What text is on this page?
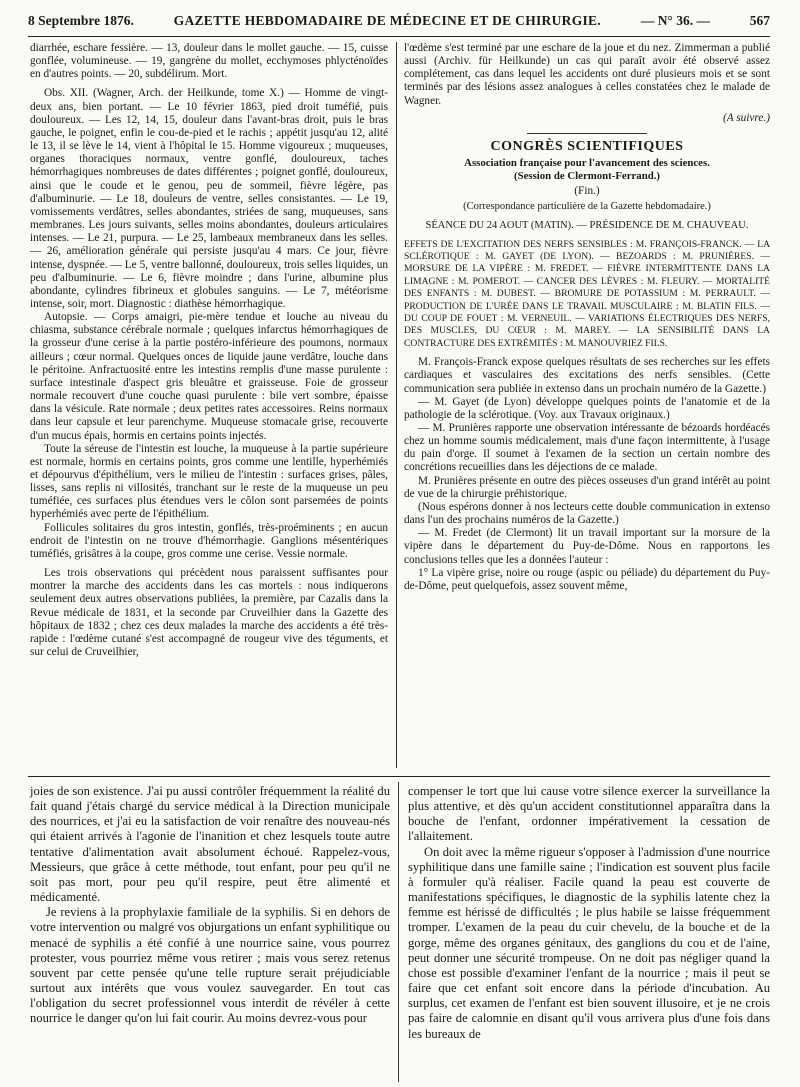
8 Septembre 1876.	GAZETTE HEBDOMADAIRE DE MÉDECINE ET DE CHIRURGIE.	— N° 36. —	567

diarrhée, eschare fessière. — 13, douleur dans le mollet gauche. — 15, cuisse gonflée, volumineuse. — 19, gangrène du mollet, ecchymoses phlycténoïdes en d'autres points. — 20, subdélirum. Mort.

Obs. XII. (Wagner, Arch. der Heilkunde, tome X.) — Homme de vingt-deux ans, bien portant. — Le 10 février 1863, pied droit tuméfié, puis douloureux. — Les 12, 14, 15, douleur dans l'avant-bras droit, puis le bras gauche, le poignet, enfin le cou-de-pied et le rachis ; appétit jusqu'au 12, alité le 13, il se lève le 14, vient à l'hôpital le 15. Homme vigoureux ; muqueuses, organes thoraciques normaux, ventre gonflé, douloureux, taches hémorrhagiques nombreuses de dates différentes ; poignet gonflé, douloureux, ainsi que le coude et le genou, peu de sommeil, fièvre légère, pas d'albuminurie. — Le 18, douleurs de ventre, selles consistantes. — Le 19, vomissements verdâtres, selles abondantes, striées de sang, muqueuses, sans membranes. Les jours suivants, selles moins abondantes, douleurs articulaires intenses. — Le 21, purpura. — Le 25, lambeaux membraneux dans les selles. — 26, amélioration générale qui persiste jusqu'au 4 mars. Ce jour, fièvre intense, dyspnée. — Le 5, ventre ballonné, douloureux, trois selles liquides, un peu d'albuminurie. — Le 6, fièvre moindre ; dans l'urine, albumine plus abondante, cylindres fibrineux et globules sanguins. — Le 7, météorisme intense, soir, mort. Diagnostic : diathèse hémorrhagique.

Autopsie. — Corps amaigri, pie-mère tendue et louche au niveau du chiasma, substance cérébrale normale ; quelques infarctus hémorrhagiques de la grosseur d'une cerise à la partie postéro-inférieure des poumons, normaux ailleurs ; cœur normal. Quelques onces de liquide jaune verdâtre, louche dans le péritoine. Anfractuosité entre les intestins remplis d'une masse purulente : surface intestinale d'aspect gris bleuâtre et graisseuse. Foie de grosseur normale recouvert d'une couche quasi purulente : bile vert sombre, épaisse dans la vésicule. Rate normale ; deux petites rates accessoires. Reins normaux dans leur capsule et leur parenchyme. Muqueuse stomacale grise, recouverte d'un mucus épais, hormis en certains points injectés.

Toute la séreuse de l'intestin est louche, la muqueuse à la partie supérieure est normale, hormis en certains points, gros comme une lentille, hyperhémiés et dépourvus d'épithélium, vers le milieu de l'intestin : surfaces grises, pâles, lisses, sans replis ni villosités, tranchant sur le reste de la muqueuse un peu tuméfiée, ces surfaces plus étendues vers le côlon sont parsemées de points hyperhémiés avec perte de l'épithélium.

Follicules solitaires du gros intestin, gonflés, très-proéminents ; en aucun endroit de l'intestin on ne trouve d'hémorrhagie. Ganglions mésentériques tuméfiés, grisâtres à la coupe, gros comme une cerise. Vessie normale.

Les trois observations qui précèdent nous paraissent suffisantes pour montrer la marche des accidents dans les cas mortels : nous indiquerons seulement deux autres observations publiées, la première, par Cazalis dans la Revue médicale de 1831, et la seconde par Cruveilhier dans la Gazette des hôpitaux de 1832 ; chez ces deux malades la marche des accidents a été très-rapide : l'œdème cutané s'est accompagné de rougeur vive des téguments, et sur celui de Cruveilhier,

l'œdème s'est terminé par une eschare de la joue et du nez. Zimmerman a publié aussi (Archiv. für Heilkunde) un cas qui paraît avoir été observé assez complétement, cas dans lequel les accidents ont duré plusieurs mois et se sont terminés par des lésions assez analogues à celles constatées chez le malade de Wagner.

(A suivre.)

CONGRÈS SCIENTIFIQUES
Association française pour l'avancement des sciences.
(Session de Clermont-Ferrand.)

(Fin.)

(Correspondance particulière de la Gazette hebdomadaire.)

SÉANCE DU 24 AOUT (MATIN). — PRÉSIDENCE DE M. CHAUVEAU.

EFFETS DE L'EXCITATION DES NERFS SENSIBLES : M. FRANÇOIS-FRANCK. — LA SCLÉROTIQUE : M. GAYET (DE LYON). — BEZOARDS : M. PRUNIÈRES. — MORSURE DE LA VIPÈRE : M. FREDET. — FIÈVRE INTERMITTENTE DANS LA LIMAGNE : M. POMEROT. — CANCER DES LÈVRES : M. FLEURY. — MORTALITÉ DES ENFANTS : M. DUBEST. — BROMURE DE POTASSIUM : M. PERRAULT. — PRODUCTION DE L'URÉE DANS LE TRAVAIL MUSCULAIRE : M. BLATIN FILS. — DU COUP DE FOUET : M. VERNEUIL. — VARIATIONS ÉLECTRIQUES DES NERFS, DES MUSCLES, DU CŒUR : M. MAREY. — LA SENSIBILITÉ DANS LA CONTRACTURE DES EXTRÉMITÉS : M. MANOUVRIEZ FILS.

M. François-Franck expose quelques résultats de ses recherches sur les effets cardiaques et vasculaires des excitations des nerfs sensibles. (Cette communication sera publiée in extenso dans un prochain numéro de la Gazette.)

— M. Gayet (de Lyon) développe quelques points de l'anatomie et de la pathologie de la sclérotique. (Voy. aux Travaux originaux.)

— M. Prunières rapporte une observation intéressante de bézoards hordéacés chez un homme soumis médicalement, mais d'une façon intermittente, à l'usage du pain d'orge. Il soumet à l'examen de la section un certain nombre des concrétions recueillies dans les déjections de ce malade.

M. Prunières présente en outre des pièces osseuses d'un grand intérêt au point de vue de la chirurgie préhistorique.

(Nous espérons donner à nos lecteurs cette double communication in extenso dans l'un des prochains numéros de la Gazette.)

— M. Fredet (de Clermont) lit un travail important sur la morsure de la vipère dans le département du Puy-de-Dôme. Nous en rapportons les conclusions telles que les a données l'auteur :

1° La vipère grise, noire ou rouge (aspic ou péliade) du département du Puy-de-Dôme, peut quelquefois, assez souvent même,

joies de son existence. J'ai pu aussi contrôler fréquemment la réalité du fait quand j'étais chargé du service médical à la Direction municipale des nourrices, et j'ai eu la satisfaction de voir renaître des nouveau-nés qui étaient arrivés à l'agonie de l'inanition et chez lesquels toute autre tentative d'alimentation avait absolument échoué. Rappelez-vous, Messieurs, que grâce à cette méthode, tout enfant, pour peu qu'il ne soit pas mort, pour peu qu'il respire, peut être alimenté et médicamenté.

Je reviens à la prophylaxie familiale de la syphilis. Si en dehors de votre intervention ou malgré vos objurgations un enfant syphilitique ou menacé de syphilis a été confié à une nourrice saine, vous pourrez protester, vous pourriez même vous retirer ; mais vous serez retenus souvent par cette pensée qu'une telle rupture serait préjudiciable surtout aux intérêts que vous voulez sauvegarder. En tout cas l'obligation du secret professionnel vous interdit de révéler à cette nourrice le danger qu'on lui fait courir. Au moins devrez-vous pour

compenser le tort que lui cause votre silence exercer la surveillance la plus attentive, et dès qu'un accident constitutionnel apparaîtra dans la bouche de l'enfant, ordonner impérativement la cessation de l'allaitement.

On doit avec la même rigueur s'opposer à l'admission d'une nourrice syphilitique dans une famille saine ; l'indication est souvent plus facile à formuler qu'à réaliser. Facile quand la peau est couverte de manifestations spécifiques, le diagnostic de la syphilis latente chez la femme est hérissé de difficultés ; le plus habile se laisse fréquemment tromper. L'examen de la peau du cuir chevelu, de la bouche et de la gorge, même des organes génitaux, des ganglions du cou et de l'aine, peut donner une sécurité trompeuse. On ne doit pas négliger quand la chose est possible d'examiner l'enfant de la nourrice ; mais il peut se faire que cet enfant soit encore dans la période d'incubation. Au surplus, cet examen de l'enfant est bien souvent illusoire, et je ne crois pas faire de calomnie en disant qu'il vous arrivera plus d'une fois dans les bureaux de
